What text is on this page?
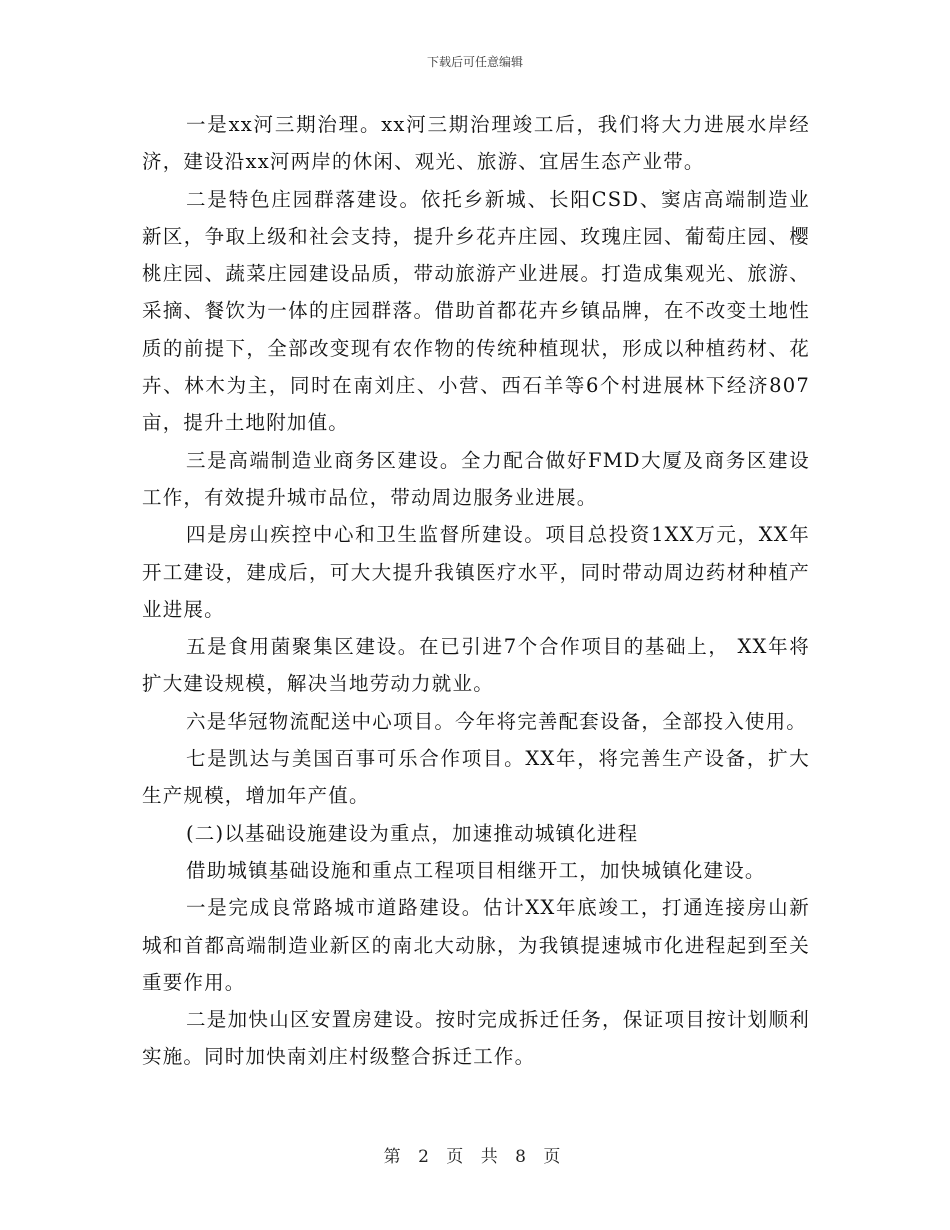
下载后可任意编辑

一是xx河三期治理。xx河三期治理竣工后，我们将大力进展水岸经济，建设沿xx河两岸的休闲、观光、旅游、宜居生态产业带。

二是特色庄园群落建设。依托乡新城、长阳CSD、窦店高端制造业新区，争取上级和社会支持，提升乡花卉庄园、玫瑰庄园、葡萄庄园、樱桃庄园、蔬菜庄园建设品质，带动旅游产业进展。打造成集观光、旅游、采摘、餐饮为一体的庄园群落。借助首都花卉乡镇品牌，在不改变土地性质的前提下，全部改变现有农作物的传统种植现状，形成以种植药材、花卉、林木为主，同时在南刘庄、小营、西石羊等6个村进展林下经济807亩，提升土地附加值。

三是高端制造业商务区建设。全力配合做好FMD大厦及商务区建设工作，有效提升城市品位，带动周边服务业进展。

四是房山疾控中心和卫生监督所建设。项目总投资1XX万元，XX年开工建设，建成后，可大大提升我镇医疗水平，同时带动周边药材种植产业进展。

五是食用菌聚集区建设。在已引进7个合作项目的基础上， XX年将扩大建设规模，解决当地劳动力就业。

六是华冠物流配送中心项目。今年将完善配套设备，全部投入使用。

七是凯达与美国百事可乐合作项目。XX年，将完善生产设备，扩大生产规模，增加年产值。

(二)以基础设施建设为重点，加速推动城镇化进程

借助城镇基础设施和重点工程项目相继开工，加快城镇化建设。

一是完成良常路城市道路建设。估计XX年底竣工，打通连接房山新城和首都高端制造业新区的南北大动脉，为我镇提速城市化进程起到至关重要作用。

二是加快山区安置房建设。按时完成拆迁任务，保证项目按计划顺利实施。同时加快南刘庄村级整合拆迁工作。

第 2 页 共 8 页
